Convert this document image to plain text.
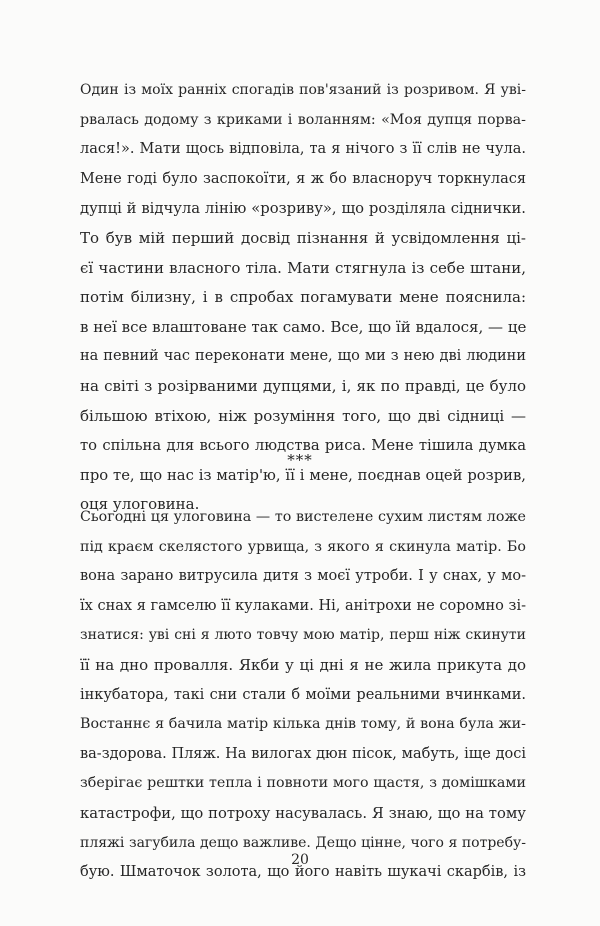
Один із моїх ранніх спогадів пов'язаний із розривом. Я уві-
рвалась додому з криками і воланням: «Моя дупця порва-
лася!». Мати щось відповіла, та я нічого з її слів не чула.
Мене годі було заспокоїти, я ж бо власноруч торкнулася
дупці й відчула лінію «розриву», що розділяла сіднички.
То був мій перший досвід пізнання й усвідомлення ці-
єї частини власного тіла. Мати стягнула із себе штани,
потім білизну, і в спробах погамувати мене пояснила:
в неї все влаштоване так само. Все, що їй вдалося, — це
на певний час переконати мене, що ми з нею дві людини
на світі з розірваними дупцями, і, як по правді, це було
більшою втіхою, ніж розуміння того, що дві сідниці —
то спільна для всього людства риса. Мене тішила думка
про те, що нас із матір'ю, її і мене, поєднав оцей розрив,
оця улоговина.
***
Сьогодні ця улоговина — то вистелене сухим листям ложе
під краєм скелястого урвища, з якого я скинула матір. Бо
вона зарано витрусила дитя з моєї утроби. І у снах, у мо-
їх снах я гамселю її кулаками. Ні, анітрохи не соромно зі-
знатися: уві сні я люто товчу мою матір, перш ніж скинути
її на дно провалля. Якби у ці дні я не жила прикута до
інкубатора, такі сни стали б моїми реальними вчинками.
Востаннє я бачила матір кілька днів тому, й вона була жи-
ва-здорова. Пляж. На вилогах дюн пісок, мабуть, іще досі
зберігає рештки тепла і повноти мого щастя, з домішками
катастрофи, що потроху насувалась. Я знаю, що на тому
пляжі загубила дещо важливе. Дещо цінне, чого я потребу-
бую. Шматочок золота, що його навіть шукачі скарбів, із
20
